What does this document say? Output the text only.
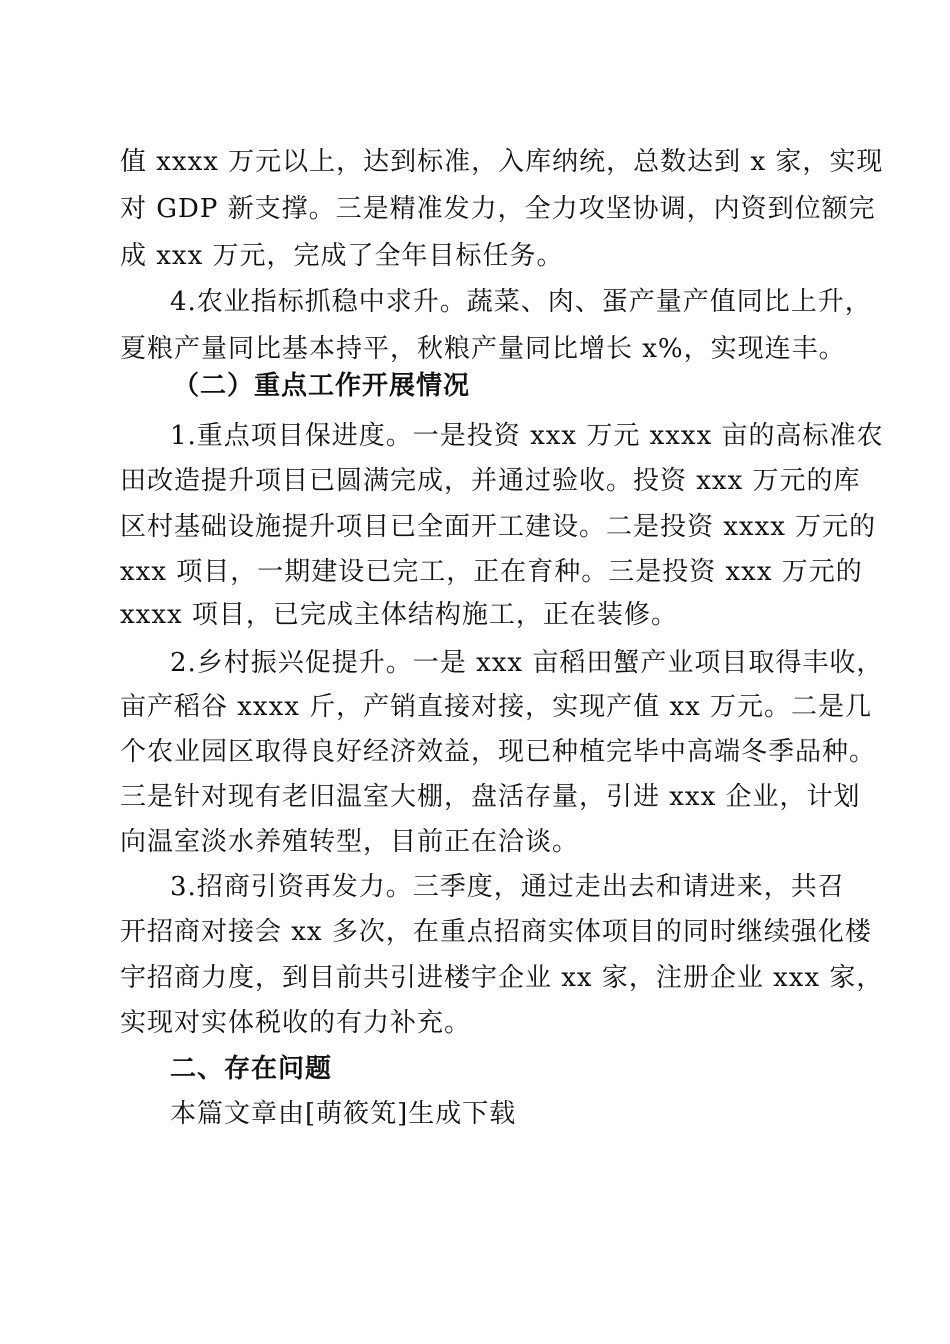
值 xxxx 万元以上，达到标准，入库纳统，总数达到 x 家，实现
对 GDP 新支撑。三是精准发力，全力攻坚协调，内资到位额完
成 xxx 万元，完成了全年目标任务。
4.农业指标抓稳中求升。蔬菜、肉、蛋产量产值同比上升，
夏粮产量同比基本持平，秋粮产量同比增长 x%，实现连丰。
（二）重点工作开展情况
1.重点项目保进度。一是投资 xxx 万元 xxxx 亩的高标准农
田改造提升项目已圆满完成，并通过验收。投资 xxx 万元的库
区村基础设施提升项目已全面开工建设。二是投资 xxxx 万元的
xxx 项目，一期建设已完工，正在育种。三是投资 xxx 万元的
xxxx 项目，已完成主体结构施工，正在装修。
2.乡村振兴促提升。一是 xxx 亩稻田蟹产业项目取得丰收，
亩产稻谷 xxxx 斤，产销直接对接，实现产值 xx 万元。二是几
个农业园区取得良好经济效益，现已种植完毕中高端冬季品种。
三是针对现有老旧温室大棚，盘活存量，引进 xxx 企业，计划
向温室淡水养殖转型，目前正在洽谈。
3.招商引资再发力。三季度，通过走出去和请进来，共召
开招商对接会 xx 多次，在重点招商实体项目的同时继续强化楼
宇招商力度，到目前共引进楼宇企业 xx 家，注册企业 xxx 家，
实现对实体税收的有力补充。
二、存在问题
本篇文章由[萌筱笂]生成下载
